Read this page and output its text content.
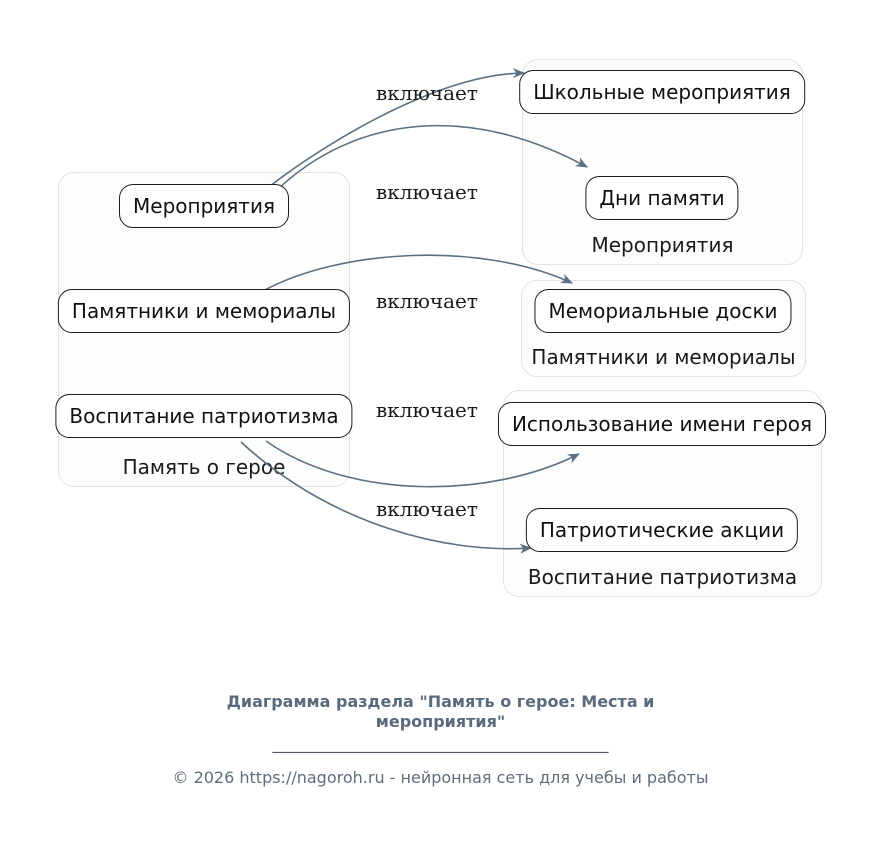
Память о герое
Мероприятия
Памятники и мемориалы
Воспитание патриотизма
Мероприятия
Памятники и мемориалы
Воспитание патриотизма
Школьные мероприятия
Дни памяти
Мемориальные доски
Использование имени героя
Патриотические акции
включает
включает
включает
включает
включает
Диаграмма раздела "Память о герое: Места и мероприятия"
__________________________________________
© 2026 https://nagoroh.ru - нейронная сеть для учебы и работы
